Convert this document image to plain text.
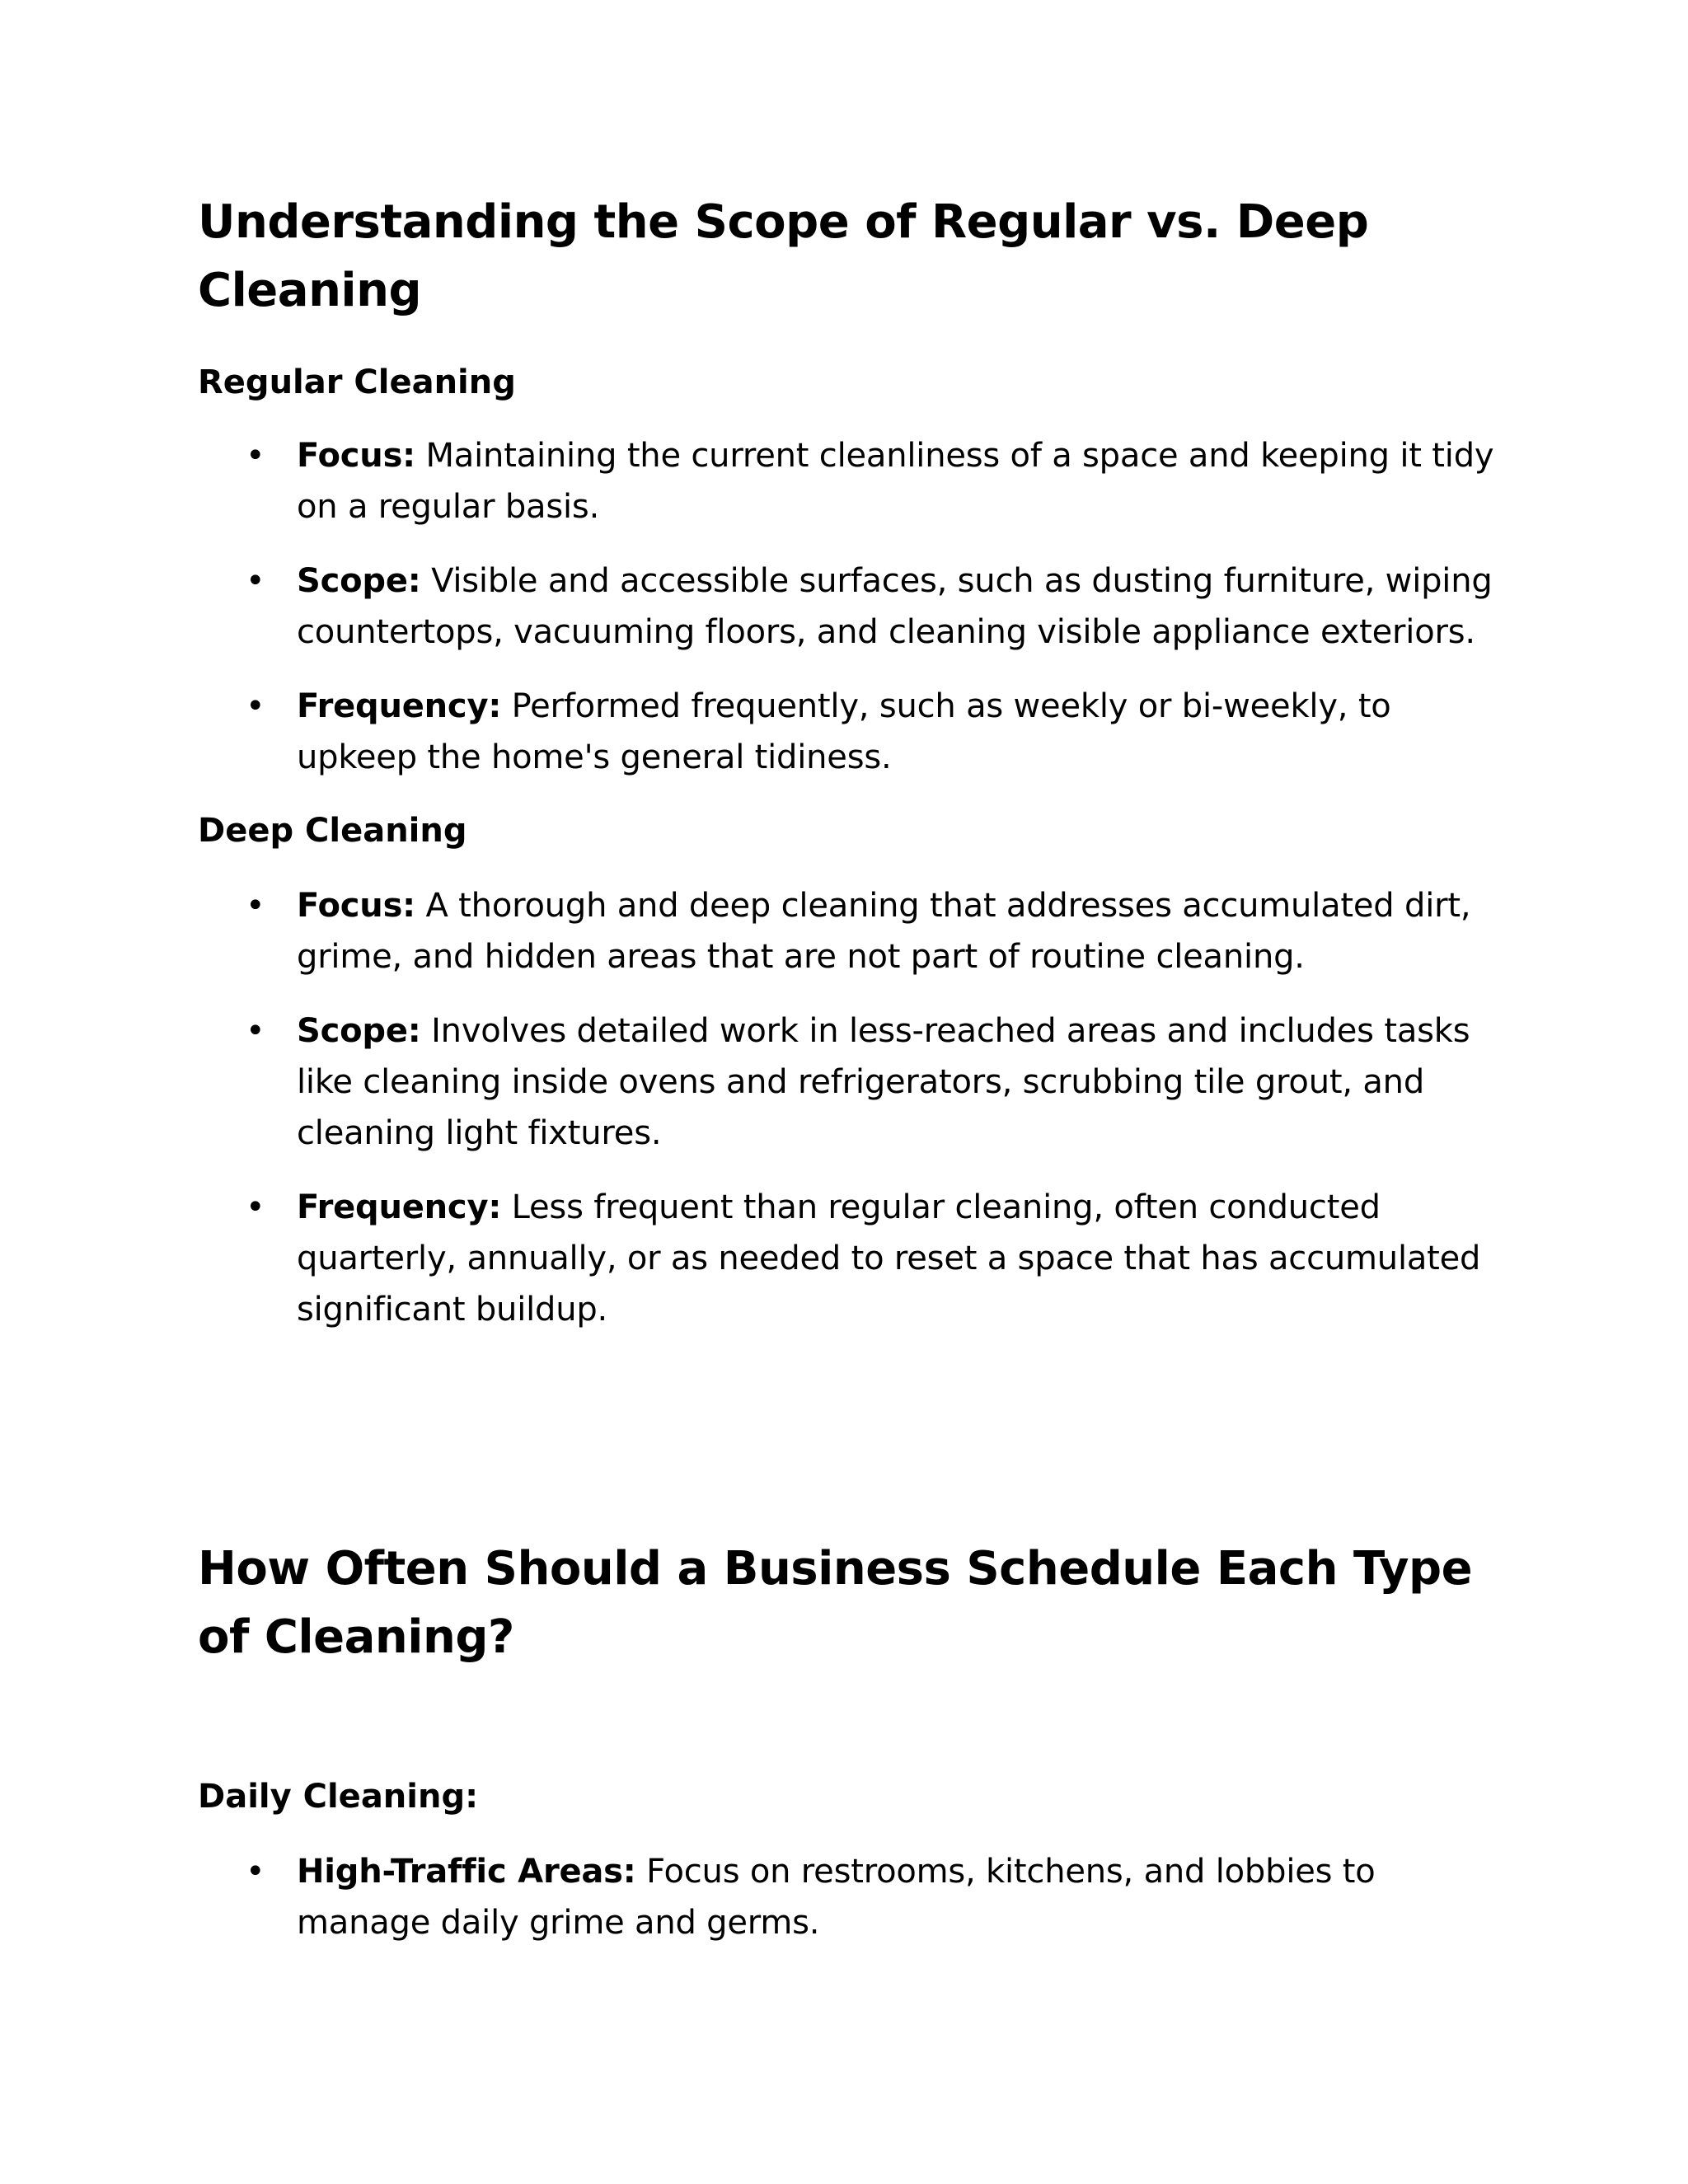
Understanding the Scope of Regular vs. Deep Cleaning
Regular Cleaning
• Focus: Maintaining the current cleanliness of a space and keeping it tidy on a regular basis.
• Scope: Visible and accessible surfaces, such as dusting furniture, wiping countertops, vacuuming floors, and cleaning visible appliance exteriors.
• Frequency: Performed frequently, such as weekly or bi-weekly, to upkeep the home's general tidiness.
Deep Cleaning
• Focus: A thorough and deep cleaning that addresses accumulated dirt, grime, and hidden areas that are not part of routine cleaning.
• Scope: Involves detailed work in less-reached areas and includes tasks like cleaning inside ovens and refrigerators, scrubbing tile grout, and cleaning light fixtures.
• Frequency: Less frequent than regular cleaning, often conducted quarterly, annually, or as needed to reset a space that has accumulated significant buildup.
How Often Should a Business Schedule Each Type of Cleaning?
Daily Cleaning:
• High-Traffic Areas: Focus on restrooms, kitchens, and lobbies to manage daily grime and germs.
